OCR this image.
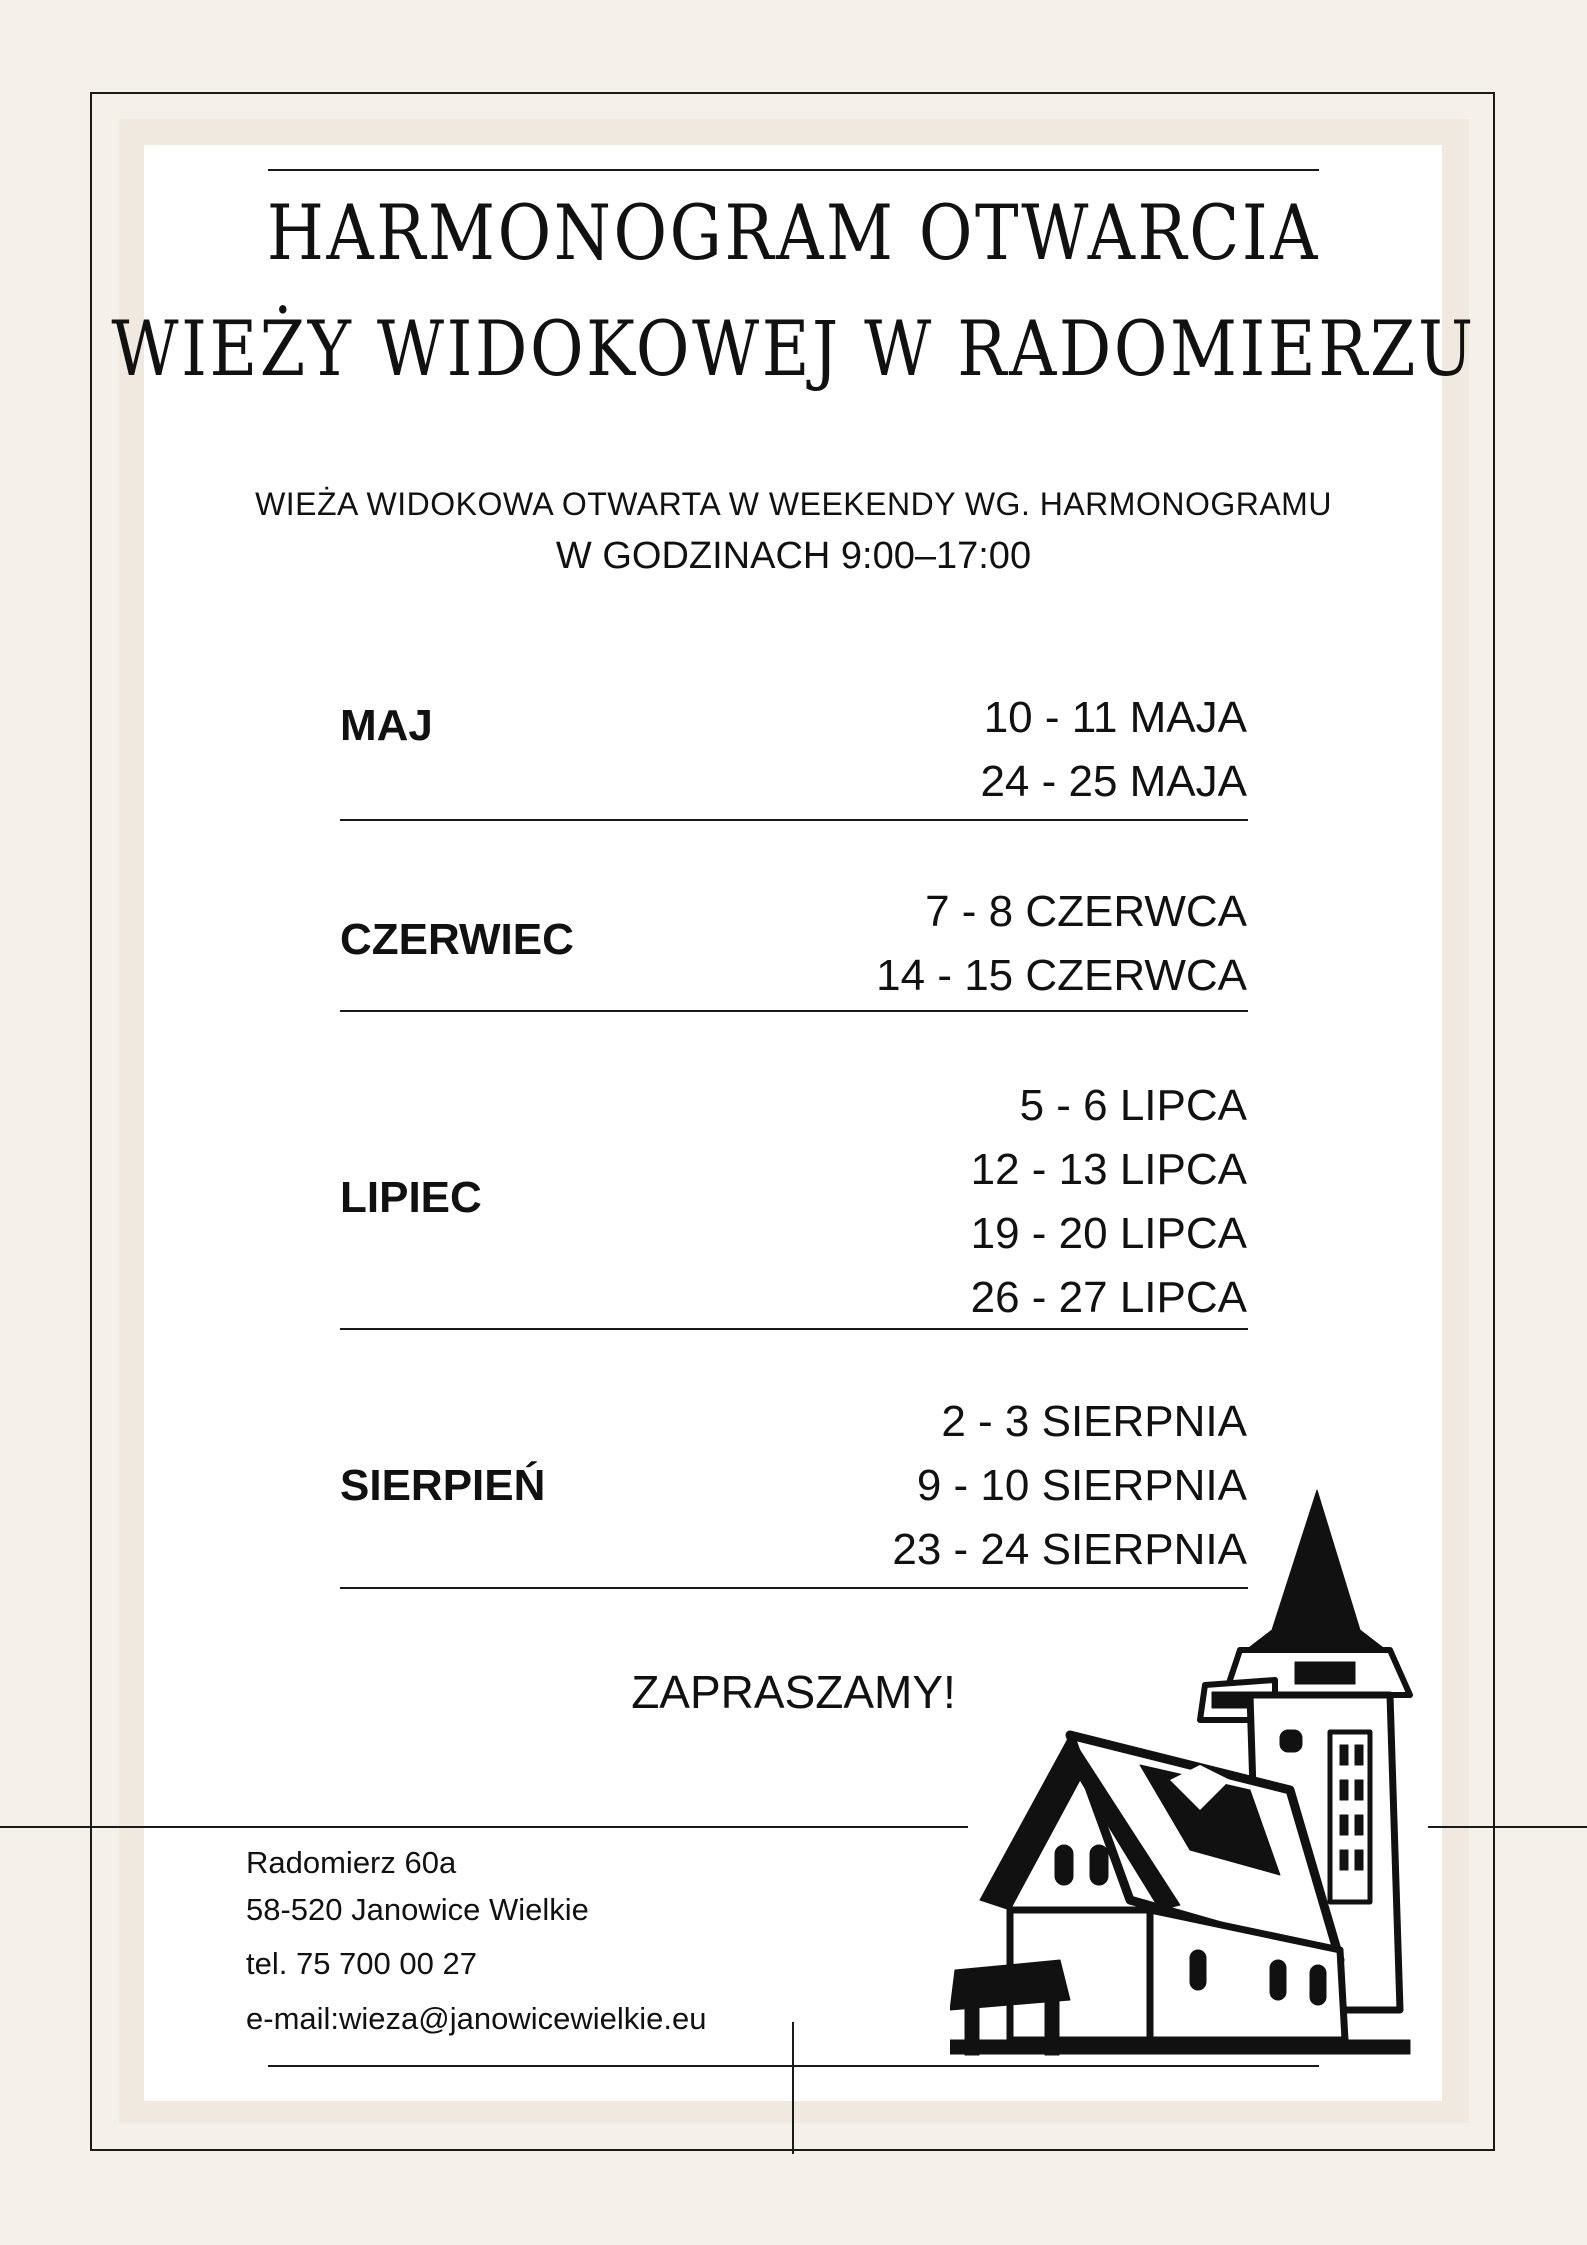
HARMONOGRAM OTWARCIA
WIEŻY WIDOKOWEJ W RADOMIERZU
WIEŻA WIDOKOWA OTWARTA W WEEKENDY WG. HARMONOGRAMU
W GODZINACH 9:00–17:00
MAJ	10 - 11 MAJA
24 - 25 MAJA
CZERWIEC
7 - 8 CZERWCA
14 - 15 CZERWCA
LIPIEC
5 - 6 LIPCA
12 - 13 LIPCA
19 - 20 LIPCA
26 - 27 LIPCA
SIERPIEŃ
2 - 3 SIERPNIA
9 - 10 SIERPNIA
23 - 24 SIERPNIA
ZAPRASZAMY!
Radomierz 60a
58-520 Janowice Wielkie
tel. 75 700 00 27
e-mail:wieza@janowicewielkie.eu
